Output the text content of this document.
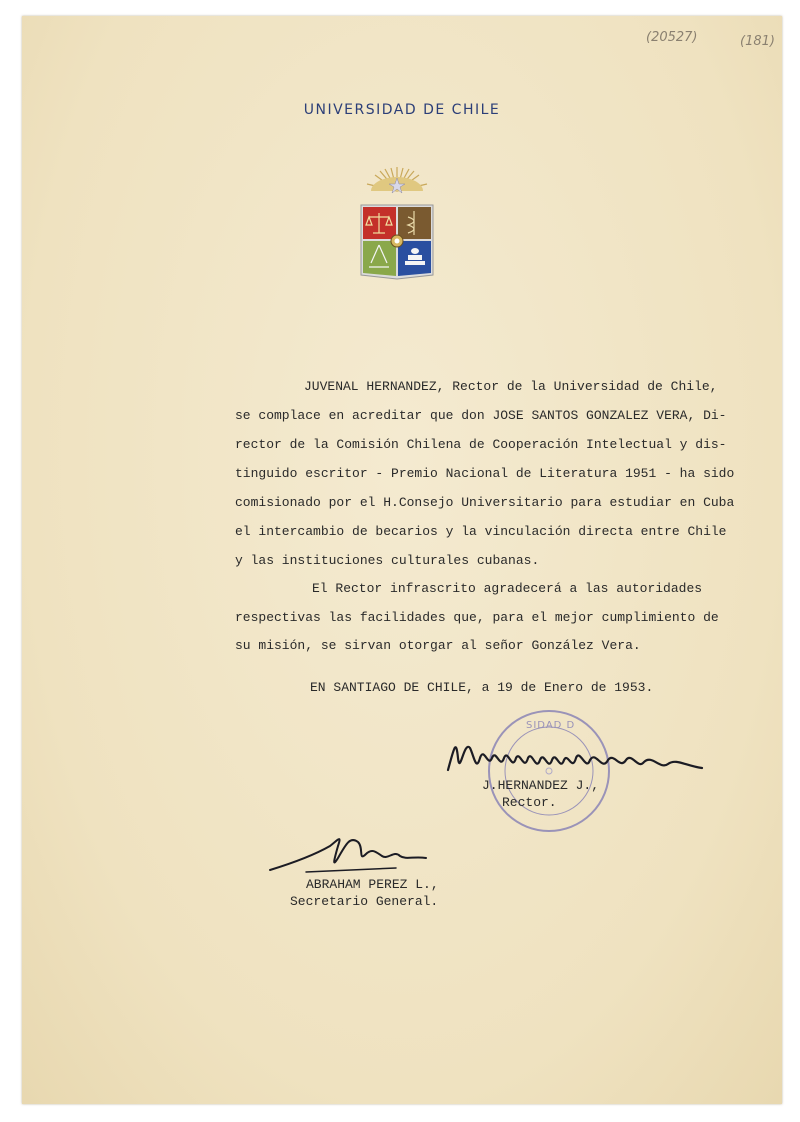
(20527)	(181)
UNIVERSIDAD DE CHILE
JUVENAL HERNANDEZ, Rector de la Universidad de Chile,
se complace en acreditar que don JOSE SANTOS GONZALEZ VERA, Di-
rector de la Comisión Chilena de Cooperación Intelectual y dis-
tinguido escritor - Premio Nacional de Literatura 1951 - ha sido
comisionado por el H.Consejo Universitario para estudiar en Cuba
el intercambio de becarios y la vinculación directa entre Chile
y las instituciones culturales cubanas.
El Rector infrascrito agradecerá a las autoridades
respectivas las facilidades que, para el mejor cumplimiento de
su misión, se sirvan otorgar al señor González Vera.
EN SANTIAGO DE CHILE, a 19 de Enero de 1953.
SIDAD D
J.HERNANDEZ J.,
Rector.
ABRAHAM PEREZ L.,
Secretario General.
